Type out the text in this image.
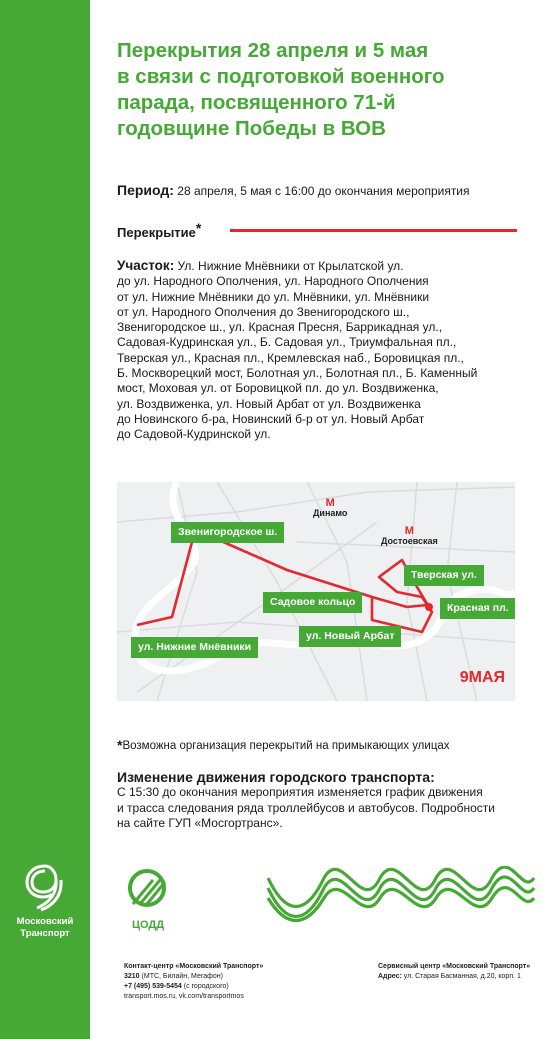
Московский
Транспорт
Перекрытия 28 апреля и 5 мая
в связи с подготовкой военного
парада, посвященного 71-й
годовщине Победы в ВОВ
Период: 28 апреля, 5 мая с 16:00 до окончания мероприятия
Перекрытие*
Участок: Ул. Нижние Мнёвники от Крылатской ул.
до ул. Народного Ополчения, ул. Народного Ополчения
от ул. Нижние Мнёвники до ул. Мнёвники, ул. Мнёвники
от ул. Народного Ополчения до Звенигородского ш.,
Звенигородское ш., ул. Красная Пресня, Баррикадная ул.,
Садовая-Кудринская ул., Б. Садовая ул., Триумфальная пл.,
Тверская ул., Красная пл., Кремлевская наб., Боровицкая пл.,
Б. Москворецкий мост, Болотная ул., Болотная пл., Б. Каменный
мост, Моховая ул. от Боровицкой пл. до ул. Воздвиженка,
ул. Воздвиженка, ул. Новый Арбат от ул. Воздвиженка
до Новинского б-ра, Новинский б-р от ул. Новый Арбат
до Садовой-Кудринской ул.
Звенигородское ш.
Садовое кольцо
Тверская ул.
Красная пл.
ул. Новый Арбат
ул. Нижние Мнёвники
М
Динамо
М
Достоевская
9МАЯ
*Возможна организация перекрытий на примыкающих улицах
Изменение движения городского транспорта:
С 15:30 до окончания мероприятия изменяется график движения
и трасса следования ряда троллейбусов и автобусов. Подробности
на сайте ГУП «Мосгортранс».
ЦОДД
Контакт-центр «Московский Транспорт»
3210 (МТС, Билайн, Мегафон)
+7 (495) 539-5454 (с городского)
transport.mos.ru, vk.com/transportmos
Сервисный центр «Московский Транспорт»
Адрес: ул. Старая Басманная, д.20, корп. 1
